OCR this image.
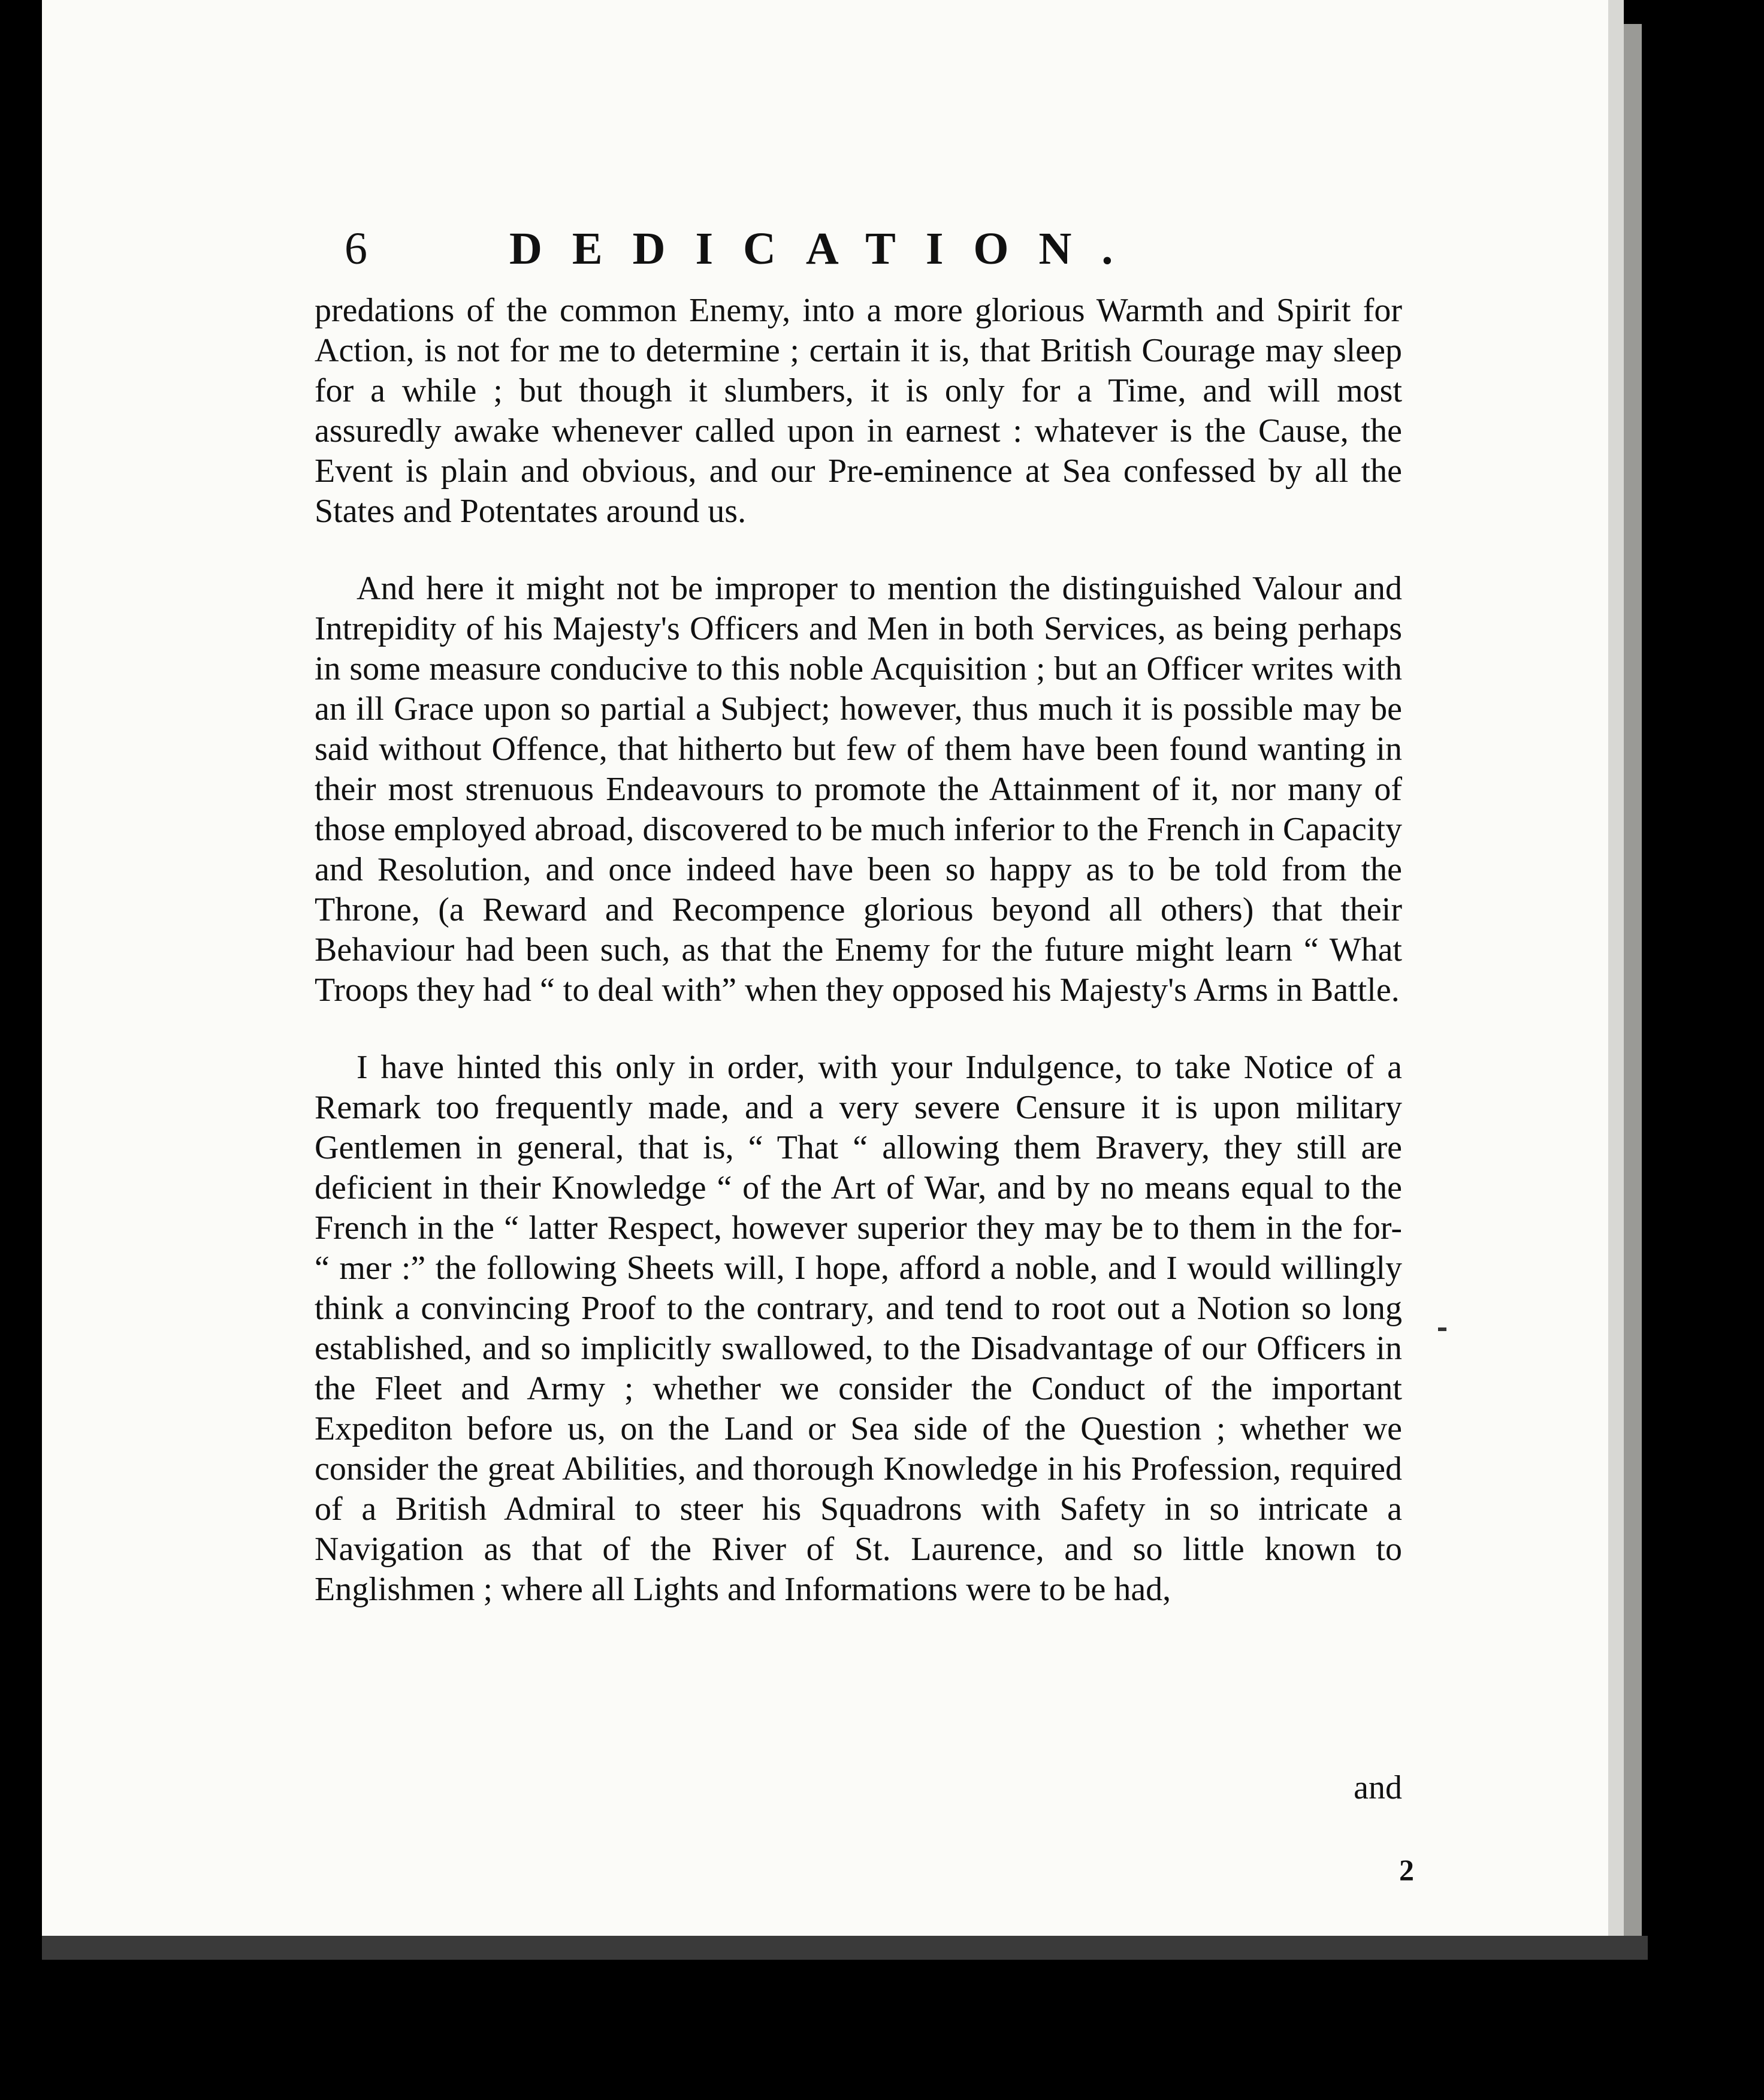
6	DEDICATION.

predations of the common Enemy, into a more glorious Warmth and Spirit for Action, is not for me to determine ; certain it is, that British Courage may sleep for a while ; but though it slumbers, it is only for a Time, and will most assuredly awake whenever called upon in earnest : whatever is the Cause, the Event is plain and obvious, and our Pre-eminence at Sea confessed by all the States and Potentates around us.

And here it might not be improper to mention the distinguished Valour and Intrepidity of his Majesty's Officers and Men in both Services, as being perhaps in some measure conducive to this noble Acquisition ; but an Officer writes with an ill Grace upon so partial a Subject; however, thus much it is possible may be said without Offence, that hitherto but few of them have been found wanting in their most strenuous Endeavours to promote the Attainment of it, nor many of those employed abroad, discovered to be much inferior to the French in Capacity and Resolution, and once indeed have been so happy as to be told from the Throne, (a Reward and Recompence glorious beyond all others) that their Behaviour had been such, as that the Enemy for the future might learn “ What Troops they had “ to deal with” when they opposed his Majesty's Arms in Battle.

I have hinted this only in order, with your Indulgence, to take Notice of a Remark too frequently made, and a very severe Censure it is upon military Gentlemen in general, that is, “ That “ allowing them Bravery, they still are deficient in their Knowledge “ of the Art of War, and by no means equal to the French in the “ latter Respect, however superior they may be to them in the for- “ mer :” the following Sheets will, I hope, afford a noble, and I would willingly think a convincing Proof to the contrary, and tend to root out a Notion so long established, and so implicitly swallowed, to the Disadvantage of our Officers in the Fleet and Army ; whether we consider the Conduct of the important Expediton before us, on the Land or Sea side of the Question ; whether we consider the great Abilities, and thorough Knowledge in his Profession, required of a British Admiral to steer his Squadrons with Safety in so intricate a Navigation as that of the River of St. Laurence, and so little known to Englishmen ; where all Lights and Informations were to be had,

and
2
